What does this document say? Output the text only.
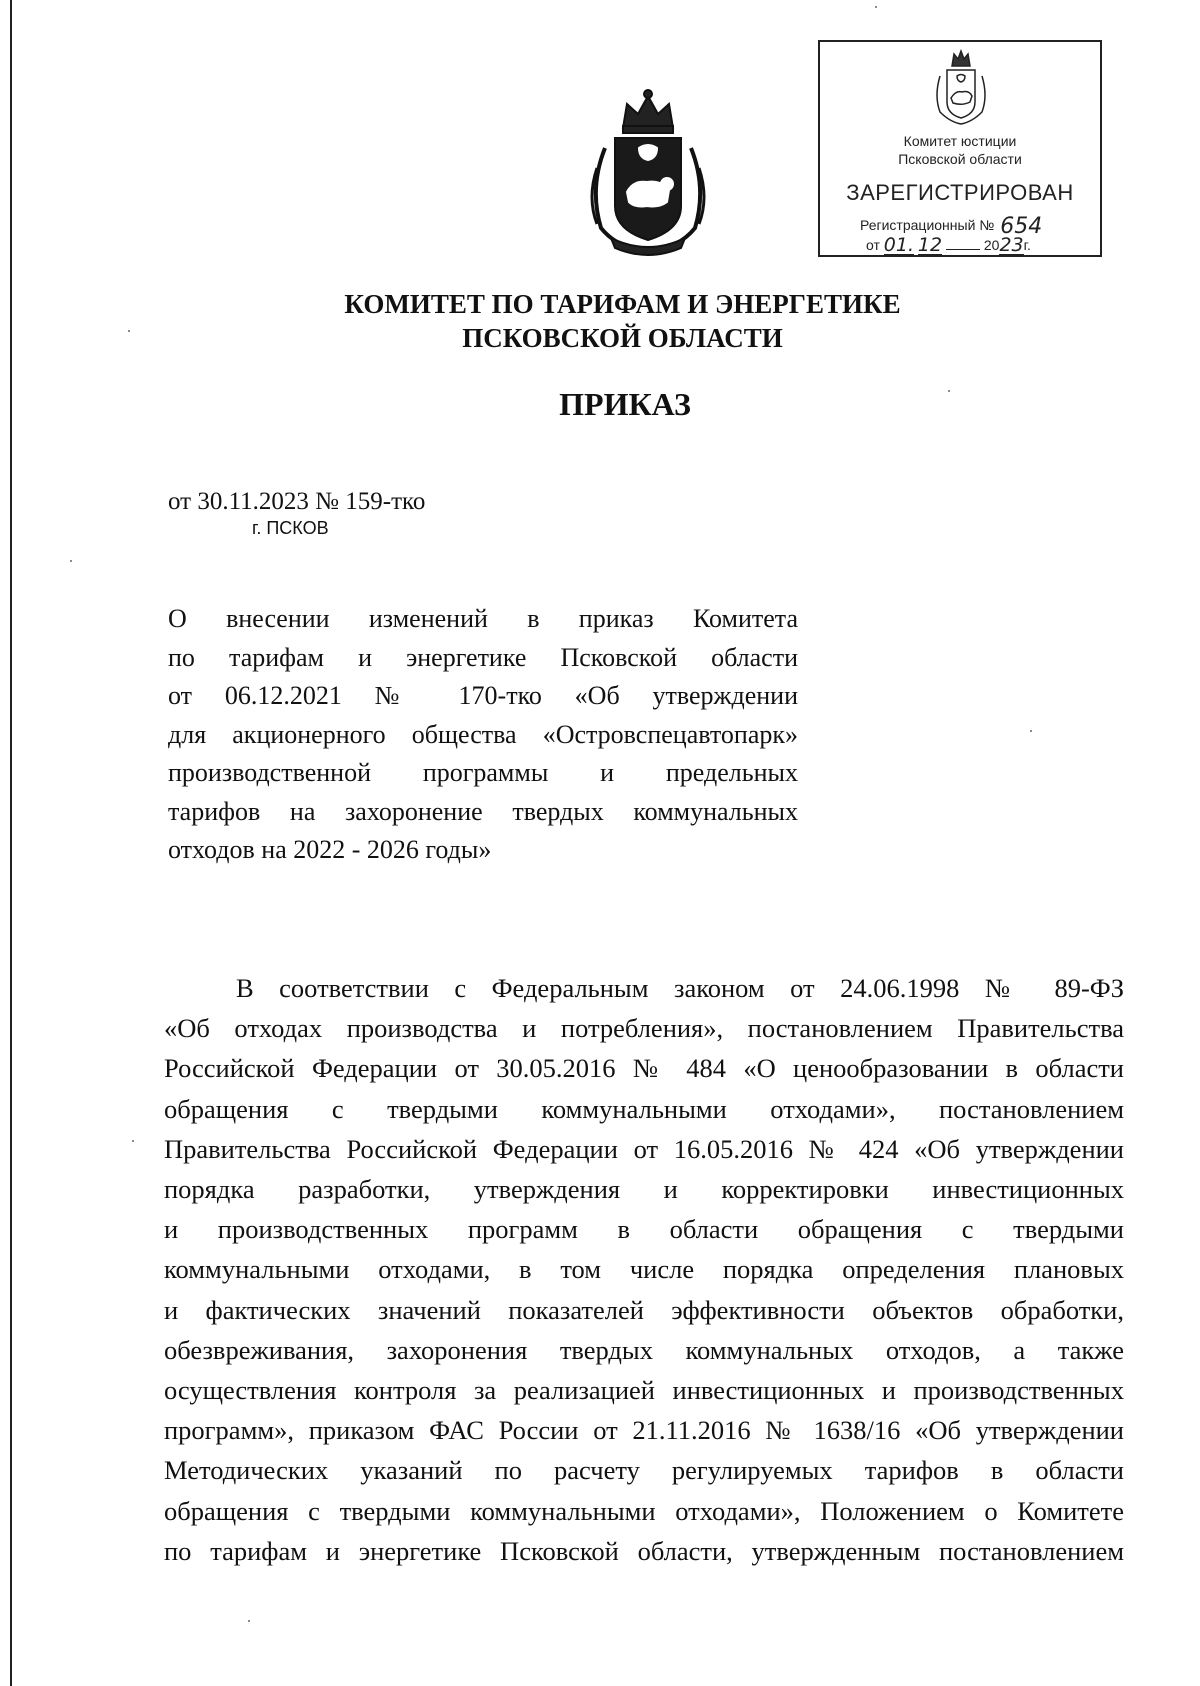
Комитет юстиции
Псковской области
ЗАРЕГИСТРИРОВАН
Регистрационный № 654
от 01. 12	2023г.
КОМИТЕТ ПО ТАРИФАМ И ЭНЕРГЕТИКЕ
ПСКОВСКОЙ ОБЛАСТИ
ПРИКАЗ
от 30.11.2023 № 159-тко
г. ПСКОВ

О внесении изменений в приказ Комитета

по тарифам и энергетике Псковской области

от 06.12.2021 № 170-тко «Об утверждении

для акционерного общества «Островспецавтопарк»

производственной программы и предельных

тарифов на захоронение твердых коммунальных

отходов на 2022 - 2026 годы»

В соответствии с Федеральным законом от 24.06.1998 № 89-ФЗ

«Об отходах производства и потребления», постановлением Правительства

Российской Федерации от 30.05.2016 № 484 «О ценообразовании в области

обращения с твердыми коммунальными отходами», постановлением

Правительства Российской Федерации от 16.05.2016 № 424 «Об утверждении

порядка разработки, утверждения и корректировки инвестиционных

и производственных программ в области обращения с твердыми

коммунальными отходами, в том числе порядка определения плановых

и фактических значений показателей эффективности объектов обработки,

обезвреживания, захоронения твердых коммунальных отходов, а также

осуществления контроля за реализацией инвестиционных и производственных

программ», приказом ФАС России от 21.11.2016 № 1638/16 «Об утверждении

Методических указаний по расчету регулируемых тарифов в области

обращения с твердыми коммунальными отходами», Положением о Комитете

по тарифам и энергетике Псковской области, утвержденным постановлением
